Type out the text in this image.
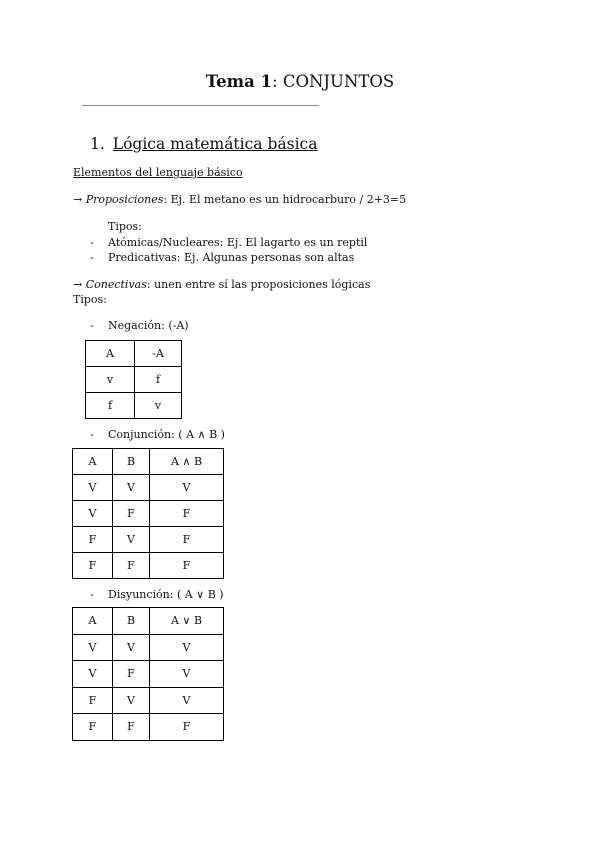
Tema 1: CONJUNTOS
___________________________________________
1. Lógica matemática básica
Elementos del lenguaje básico
→ Proposiciones: Ej. El metano es un hidrocarburo / 2+3=5
Tipos:
- Atómicas/Nucleares: Ej. El lagarto es un reptil
- Predicativas: Ej. Algunas personas son altas
→ Conectivas: unen entre sí las proposiciones lógicas
Tipos:
- Negación: (-A)
A	-A
v	f
f	v
- Conjunción: ( A ∧ B )
A	B	A ∧ B
V	V	V
V	F	F
F	V	F
F	F	F
- Disyunción: ( A ∨ B )
A	B	A ∨ B
V	V	V
V	F	V
F	V	V
F	F	F
